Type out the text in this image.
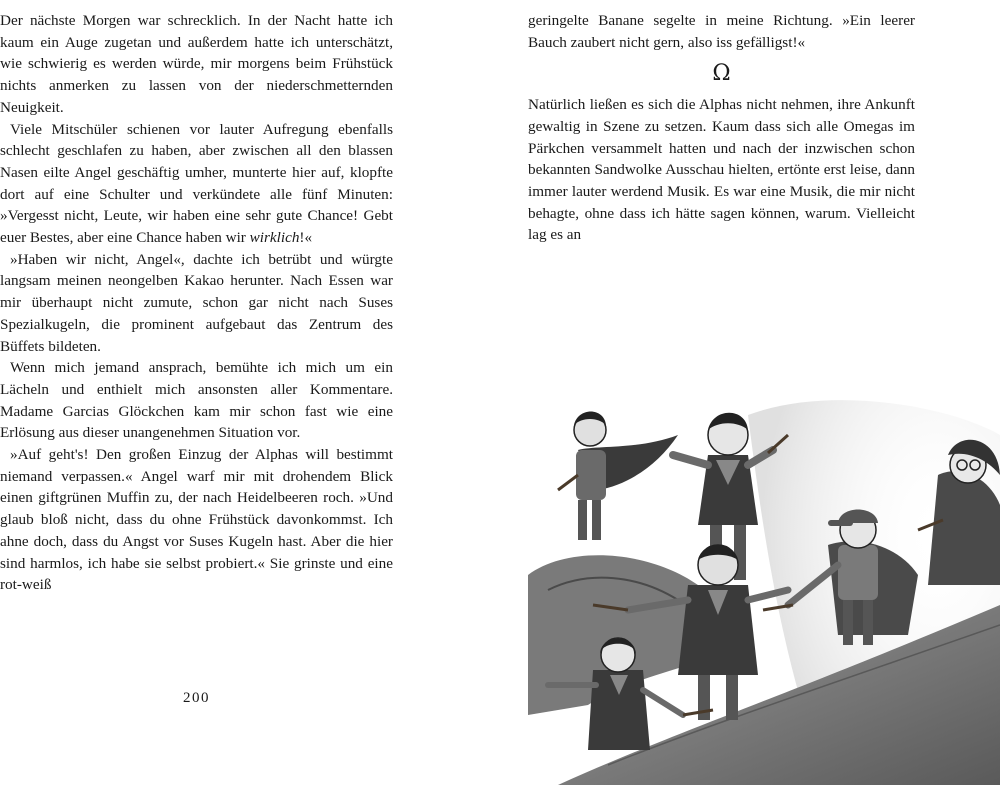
Der nächste Morgen war schrecklich. In der Nacht hatte ich kaum ein Auge zugetan und außerdem hatte ich unterschätzt, wie schwierig es werden würde, mir morgens beim Frühstück nichts anmerken zu lassen von der niederschmetternden Neuigkeit.

Viele Mitschüler schienen vor lauter Aufregung ebenfalls schlecht geschlafen zu haben, aber zwischen all den blassen Nasen eilte Angel geschäftig umher, munterte hier auf, klopfte dort auf eine Schulter und verkündete alle fünf Minuten: »Vergesst nicht, Leute, wir haben eine sehr gute Chance! Gebt euer Bestes, aber eine Chance haben wir wirklich!«

»Haben wir nicht, Angel«, dachte ich betrübt und würgte langsam meinen neongelben Kakao herunter. Nach Essen war mir überhaupt nicht zumute, schon gar nicht nach Suses Spezialkugeln, die prominent aufgebaut das Zentrum des Büffets bildeten.

Wenn mich jemand ansprach, bemühte ich mich um ein Lächeln und enthielt mich ansonsten aller Kommentare. Madame Garcias Glöckchen kam mir schon fast wie eine Erlösung aus dieser unangenehmen Situation vor.

»Auf geht's! Den großen Einzug der Alphas will bestimmt niemand verpassen.« Angel warf mir mit drohendem Blick einen giftgrünen Muffin zu, der nach Heidelbeeren roch. »Und glaub bloß nicht, dass du ohne Frühstück davonkommst. Ich ahne doch, dass du Angst vor Suses Kugeln hast. Aber die hier sind harmlos, ich habe sie selbst probiert.« Sie grinste und eine rot-weiß

200

geringelte Banane segelte in meine Richtung. »Ein leerer Bauch zaubert nicht gern, also iss gefälligst!«

Ω

Natürlich ließen es sich die Alphas nicht nehmen, ihre Ankunft gewaltig in Szene zu setzen. Kaum dass sich alle Omegas im Pärkchen versammelt hatten und nach der inzwischen schon bekannten Sandwolke Ausschau hielten, ertönte erst leise, dann immer lauter werdend Musik. Es war eine Musik, die mir nicht behagte, ohne dass ich hätte sagen können, warum. Vielleicht lag es an
